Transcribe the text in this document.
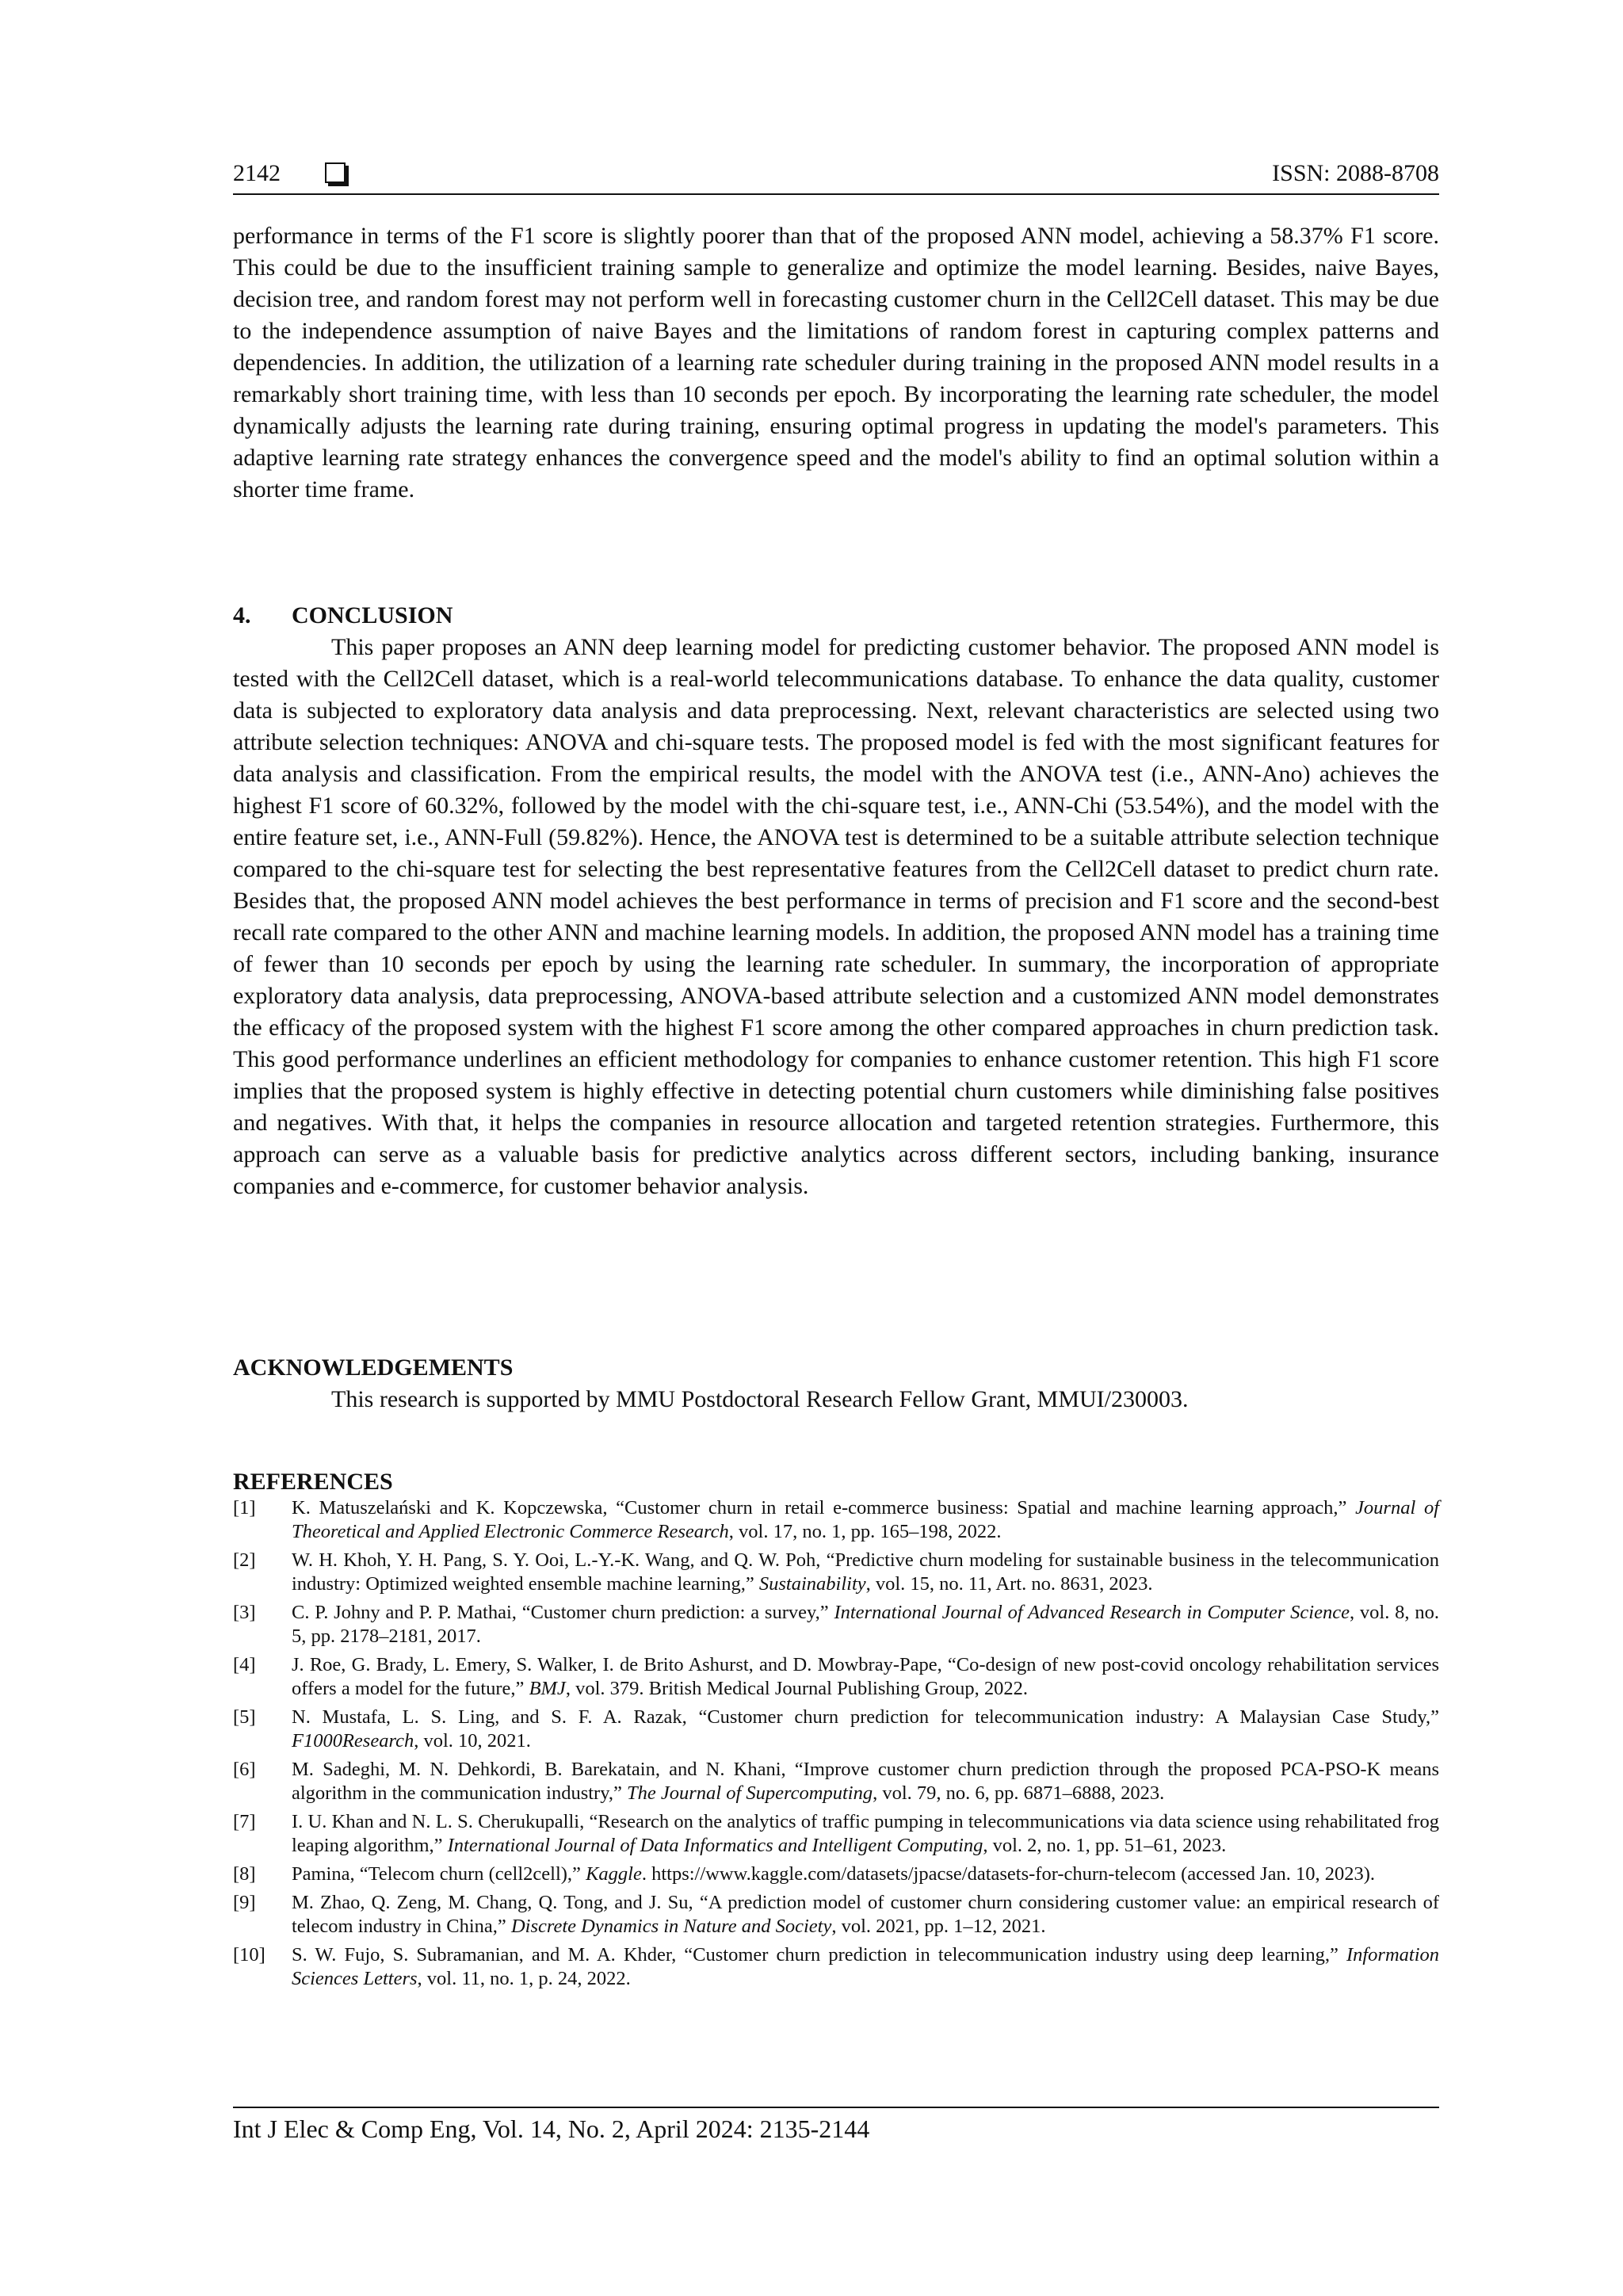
2142	ISSN: 2088-8708

performance in terms of the F1 score is slightly poorer than that of the proposed ANN model, achieving a 58.37% F1 score. This could be due to the insufficient training sample to generalize and optimize the model learning. Besides, naive Bayes, decision tree, and random forest may not perform well in forecasting customer churn in the Cell2Cell dataset. This may be due to the independence assumption of naive Bayes and the limitations of random forest in capturing complex patterns and dependencies. In addition, the utilization of a learning rate scheduler during training in the proposed ANN model results in a remarkably short training time, with less than 10 seconds per epoch. By incorporating the learning rate scheduler, the model dynamically adjusts the learning rate during training, ensuring optimal progress in updating the model's parameters. This adaptive learning rate strategy enhances the convergence speed and the model's ability to find an optimal solution within a shorter time frame.

4. CONCLUSION

This paper proposes an ANN deep learning model for predicting customer behavior. The proposed ANN model is tested with the Cell2Cell dataset, which is a real-world telecommunications database. To enhance the data quality, customer data is subjected to exploratory data analysis and data preprocessing. Next, relevant characteristics are selected using two attribute selection techniques: ANOVA and chi-square tests. The proposed model is fed with the most significant features for data analysis and classification. From the empirical results, the model with the ANOVA test (i.e., ANN-Ano) achieves the highest F1 score of 60.32%, followed by the model with the chi-square test, i.e., ANN-Chi (53.54%), and the model with the entire feature set, i.e., ANN-Full (59.82%). Hence, the ANOVA test is determined to be a suitable attribute selection technique compared to the chi-square test for selecting the best representative features from the Cell2Cell dataset to predict churn rate. Besides that, the proposed ANN model achieves the best performance in terms of precision and F1 score and the second-best recall rate compared to the other ANN and machine learning models. In addition, the proposed ANN model has a training time of fewer than 10 seconds per epoch by using the learning rate scheduler. In summary, the incorporation of appropriate exploratory data analysis, data preprocessing, ANOVA-based attribute selection and a customized ANN model demonstrates the efficacy of the proposed system with the highest F1 score among the other compared approaches in churn prediction task. This good performance underlines an efficient methodology for companies to enhance customer retention. This high F1 score implies that the proposed system is highly effective in detecting potential churn customers while diminishing false positives and negatives. With that, it helps the companies in resource allocation and targeted retention strategies. Furthermore, this approach can serve as a valuable basis for predictive analytics across different sectors, including banking, insurance companies and e-commerce, for customer behavior analysis.

ACKNOWLEDGEMENTS

This research is supported by MMU Postdoctoral Research Fellow Grant, MMUI/230003.

REFERENCES
[1] K. Matuszelański and K. Kopczewska, “Customer churn in retail e-commerce business: Spatial and machine learning approach,” Journal of Theoretical and Applied Electronic Commerce Research, vol. 17, no. 1, pp. 165–198, 2022.
[2] W. H. Khoh, Y. H. Pang, S. Y. Ooi, L.-Y.-K. Wang, and Q. W. Poh, “Predictive churn modeling for sustainable business in the telecommunication industry: Optimized weighted ensemble machine learning,” Sustainability, vol. 15, no. 11, Art. no. 8631, 2023.
[3] C. P. Johny and P. P. Mathai, “Customer churn prediction: a survey,” International Journal of Advanced Research in Computer Science, vol. 8, no. 5, pp. 2178–2181, 2017.
[4] J. Roe, G. Brady, L. Emery, S. Walker, I. de Brito Ashurst, and D. Mowbray-Pape, “Co-design of new post-covid oncology rehabilitation services offers a model for the future,” BMJ, vol. 379. British Medical Journal Publishing Group, 2022.
[5] N. Mustafa, L. S. Ling, and S. F. A. Razak, “Customer churn prediction for telecommunication industry: A Malaysian Case Study,” F1000Research, vol. 10, 2021.
[6] M. Sadeghi, M. N. Dehkordi, B. Barekatain, and N. Khani, “Improve customer churn prediction through the proposed PCA-PSO-K means algorithm in the communication industry,” The Journal of Supercomputing, vol. 79, no. 6, pp. 6871–6888, 2023.
[7] I. U. Khan and N. L. S. Cherukupalli, “Research on the analytics of traffic pumping in telecommunications via data science using rehabilitated frog leaping algorithm,” International Journal of Data Informatics and Intelligent Computing, vol. 2, no. 1, pp. 51–61, 2023.
[8] Pamina, “Telecom churn (cell2cell),” Kaggle. https://www.kaggle.com/datasets/jpacse/datasets-for-churn-telecom (accessed Jan. 10, 2023).
[9] M. Zhao, Q. Zeng, M. Chang, Q. Tong, and J. Su, “A prediction model of customer churn considering customer value: an empirical research of telecom industry in China,” Discrete Dynamics in Nature and Society, vol. 2021, pp. 1–12, 2021.
[10] S. W. Fujo, S. Subramanian, and M. A. Khder, “Customer churn prediction in telecommunication industry using deep learning,” Information Sciences Letters, vol. 11, no. 1, p. 24, 2022.
Int J Elec & Comp Eng, Vol. 14, No. 2, April 2024: 2135-2144
